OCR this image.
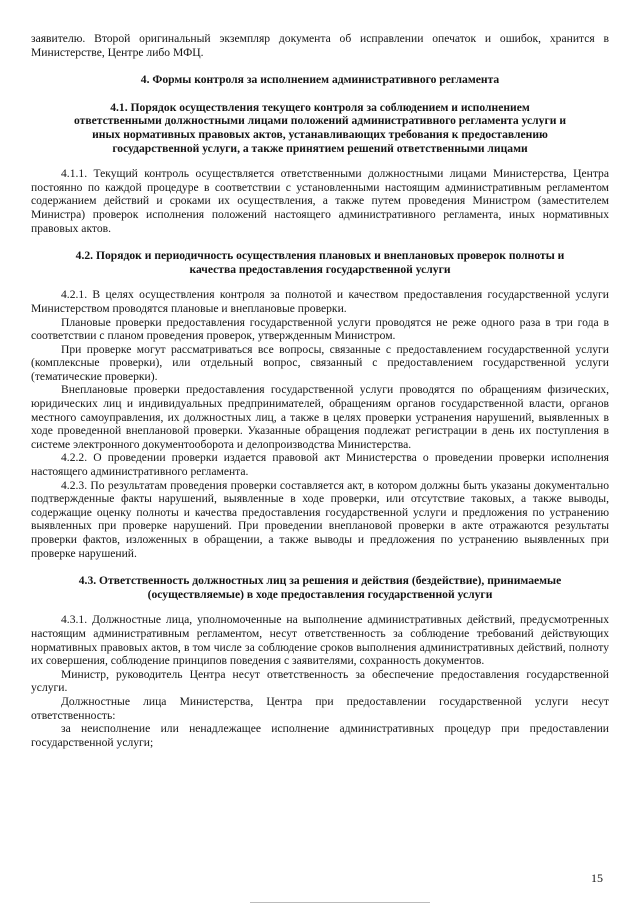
заявителю. Второй оригинальный экземпляр документа об исправлении опечаток и ошибок, хранится в Министерстве, Центре либо МФЦ.

4. Формы контроля за исполнением административного регламента

4.1. Порядок осуществления текущего контроля за соблюдением и исполнением ответственными должностными лицами положений административного регламента услуги и иных нормативных правовых актов, устанавливающих требования к предоставлению государственной услуги, а также принятием решений ответственными лицами

4.1.1. Текущий контроль осуществляется ответственными должностными лицами Министерства, Центра постоянно по каждой процедуре в соответствии с установленными настоящим административным регламентом содержанием действий и сроками их осуществления, а также путем проведения Министром (заместителем Министра) проверок исполнения положений настоящего административного регламента, иных нормативных правовых актов.

4.2. Порядок и периодичность осуществления плановых и внеплановых проверок полноты и качества предоставления государственной услуги

4.2.1. В целях осуществления контроля за полнотой и качеством предоставления государственной услуги Министерством проводятся плановые и внеплановые проверки.

Плановые проверки предоставления государственной услуги проводятся не реже одного раза в три года в соответствии с планом проведения проверок, утвержденным Министром.

При проверке могут рассматриваться все вопросы, связанные с предоставлением государственной услуги (комплексные проверки), или отдельный вопрос, связанный с предоставлением государственной услуги (тематические проверки).

Внеплановые проверки предоставления государственной услуги проводятся по обращениям физических, юридических лиц и индивидуальных предпринимателей, обращениям органов государственной власти, органов местного самоуправления, их должностных лиц, а также в целях проверки устранения нарушений, выявленных в ходе проведенной внеплановой проверки. Указанные обращения подлежат регистрации в день их поступления в системе электронного документооборота и делопроизводства Министерства.

4.2.2. О проведении проверки издается правовой акт Министерства о проведении проверки исполнения настоящего административного регламента.

4.2.3. По результатам проведения проверки составляется акт, в котором должны быть указаны документально подтвержденные факты нарушений, выявленные в ходе проверки, или отсутствие таковых, а также выводы, содержащие оценку полноты и качества предоставления государственной услуги и предложения по устранению выявленных при проверке нарушений. При проведении внеплановой проверки в акте отражаются результаты проверки фактов, изложенных в обращении, а также выводы и предложения по устранению выявленных при проверке нарушений.

4.3. Ответственность должностных лиц за решения и действия (бездействие), принимаемые (осуществляемые) в ходе предоставления государственной услуги

4.3.1. Должностные лица, уполномоченные на выполнение административных действий, предусмотренных настоящим административным регламентом, несут ответственность за соблюдение требований действующих нормативных правовых актов, в том числе за соблюдение сроков выполнения административных действий, полноту их совершения, соблюдение принципов поведения с заявителями, сохранность документов.

Министр, руководитель Центра несут ответственность за обеспечение предоставления государственной услуги.

Должностные лица Министерства, Центра при предоставлении государственной услуги несут ответственность:

за неисполнение или ненадлежащее исполнение административных процедур при предоставлении государственной услуги;

15
